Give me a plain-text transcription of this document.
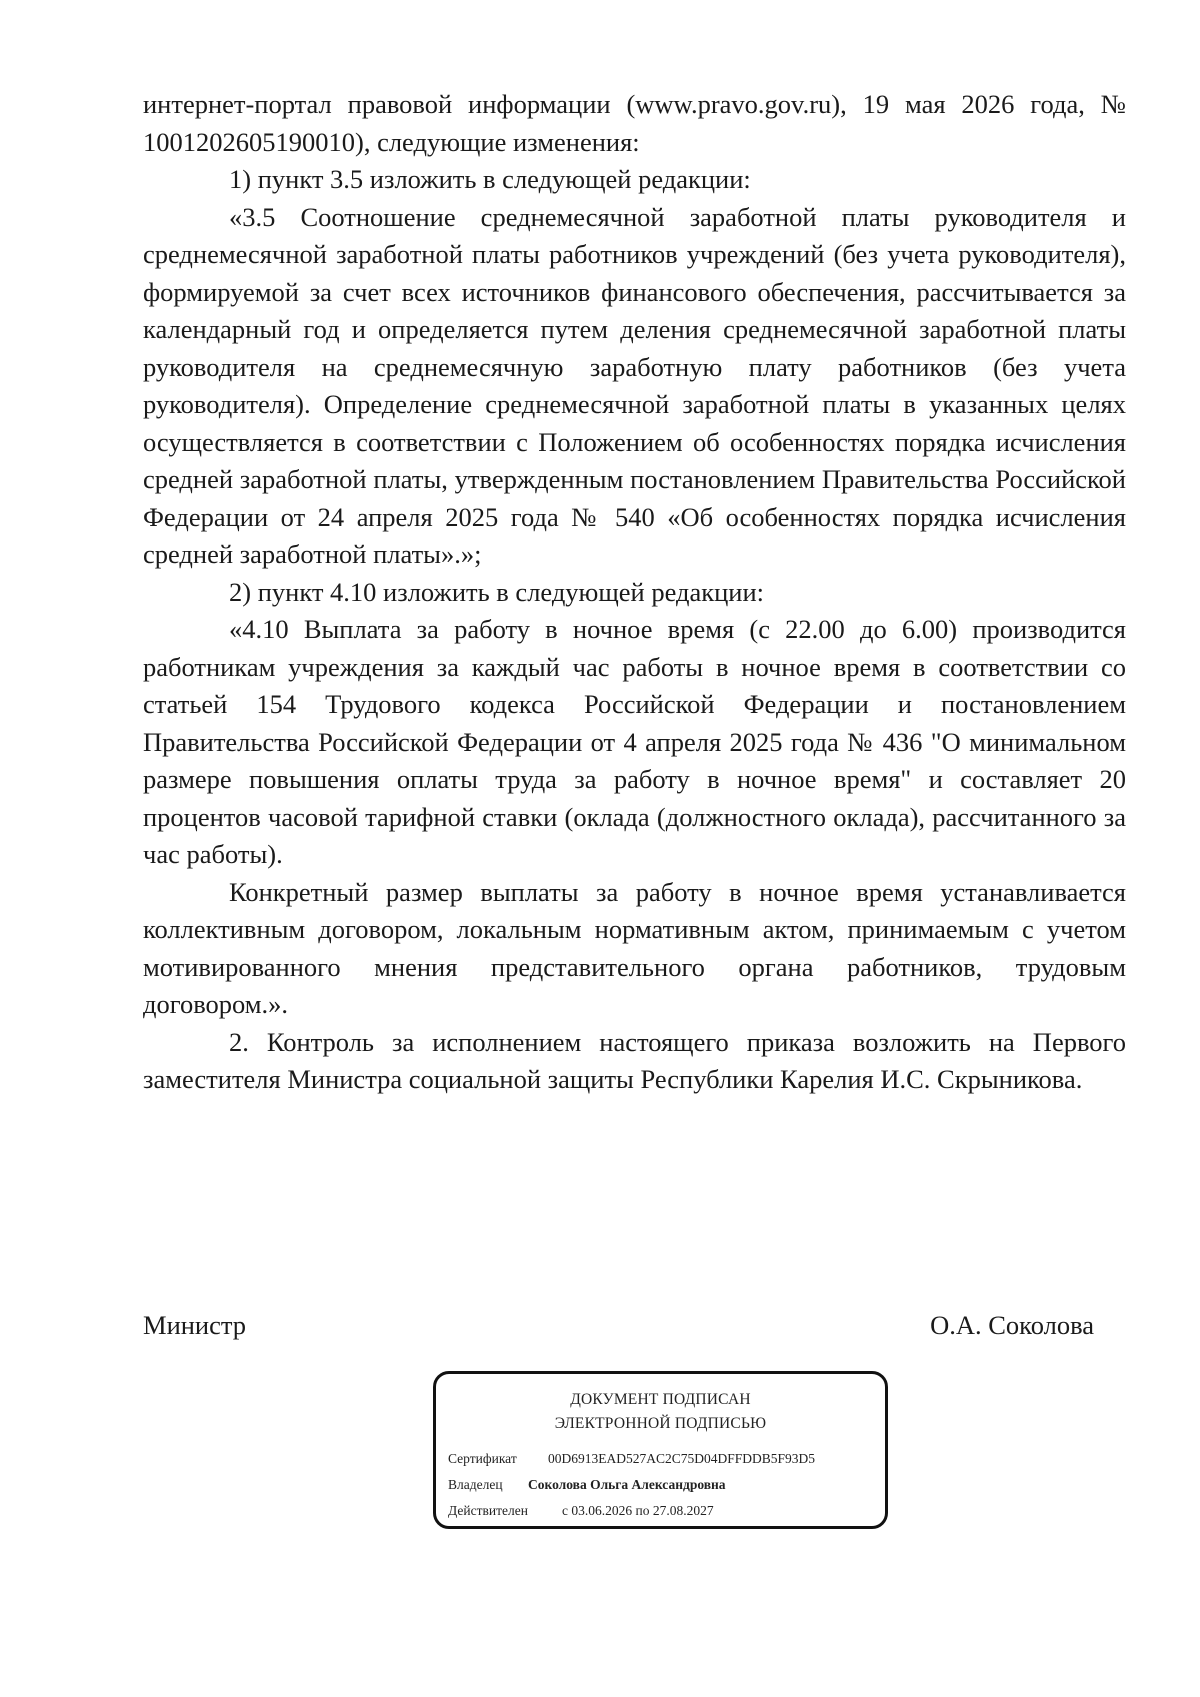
интернет-портал правовой информации (www.pravo.gov.ru), 19 мая 2026 года, № 1001202605190010), следующие изменения:

1) пункт 3.5 изложить в следующей редакции:

«3.5 Соотношение среднемесячной заработной платы руководителя и среднемесячной заработной платы работников учреждений (без учета руководителя), формируемой за счет всех источников финансового обеспечения, рассчитывается за календарный год и определяется путем деления среднемесячной заработной платы руководителя на среднемесячную заработную плату работников (без учета руководителя). Определение среднемесячной заработной платы в указанных целях осуществляется в соответствии с Положением об особенностях порядка исчисления средней заработной платы, утвержденным постановлением Правительства Российской Федерации от 24 апреля 2025 года № 540 «Об особенностях порядка исчисления средней заработной платы».»;

2) пункт 4.10 изложить в следующей редакции:

«4.10 Выплата за работу в ночное время (с 22.00 до 6.00) производится работникам учреждения за каждый час работы в ночное время в соответствии со статьей 154 Трудового кодекса Российской Федерации и постановлением Правительства Российской Федерации от 4 апреля 2025 года № 436 "О минимальном размере повышения оплаты труда за работу в ночное время" и составляет 20 процентов часовой тарифной ставки (оклада (должностного оклада), рассчитанного за час работы).

Конкретный размер выплаты за работу в ночное время устанавливается коллективным договором, локальным нормативным актом, принимаемым с учетом мотивированного мнения представительного органа работников, трудовым договором.».

2. Контроль за исполнением настоящего приказа возложить на Первого заместителя Министра социальной защиты Республики Карелия И.С. Скрыникова.

Министр	О.А. Соколова
ДОКУМЕНТ ПОДПИСАН
ЭЛЕКТРОННОЙ ПОДПИСЬЮ
Сертификат 00D6913EAD527AC2C75D04DFFDDB5F93D5
Владелец Соколова Ольга Александровна
Действителен	с 03.06.2026 по 27.08.2027
